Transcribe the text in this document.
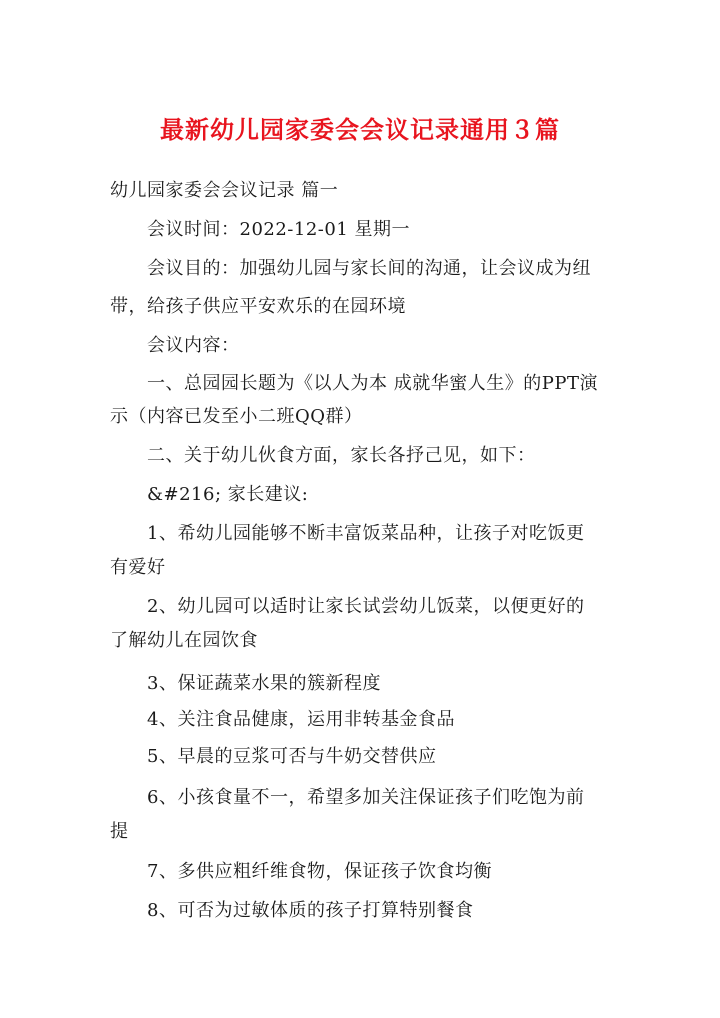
最新幼儿园家委会会议记录通用３篇
幼儿园家委会会议记录 篇一
会议时间：2022-12-01 星期一
会议目的：加强幼儿园与家长间的沟通，让会议成为纽
带，给孩子供应平安欢乐的在园环境
会议内容：
一、总园园长题为《以人为本 成就华蜜人生》的PPT演
示（内容已发至小二班QQ群）
二、关于幼儿伙食方面，家长各抒己见，如下：
&#216; 家长建议:
1、希幼儿园能够不断丰富饭菜品种，让孩子对吃饭更
有爱好
2、幼儿园可以适时让家长试尝幼儿饭菜，以便更好的
了解幼儿在园饮食
3、保证蔬菜水果的簇新程度
4、关注食品健康，运用非转基金食品
5、早晨的豆浆可否与牛奶交替供应
6、小孩食量不一，希望多加关注保证孩子们吃饱为前
提
7、多供应粗纤维食物，保证孩子饮食均衡
8、可否为过敏体质的孩子打算特别餐食
